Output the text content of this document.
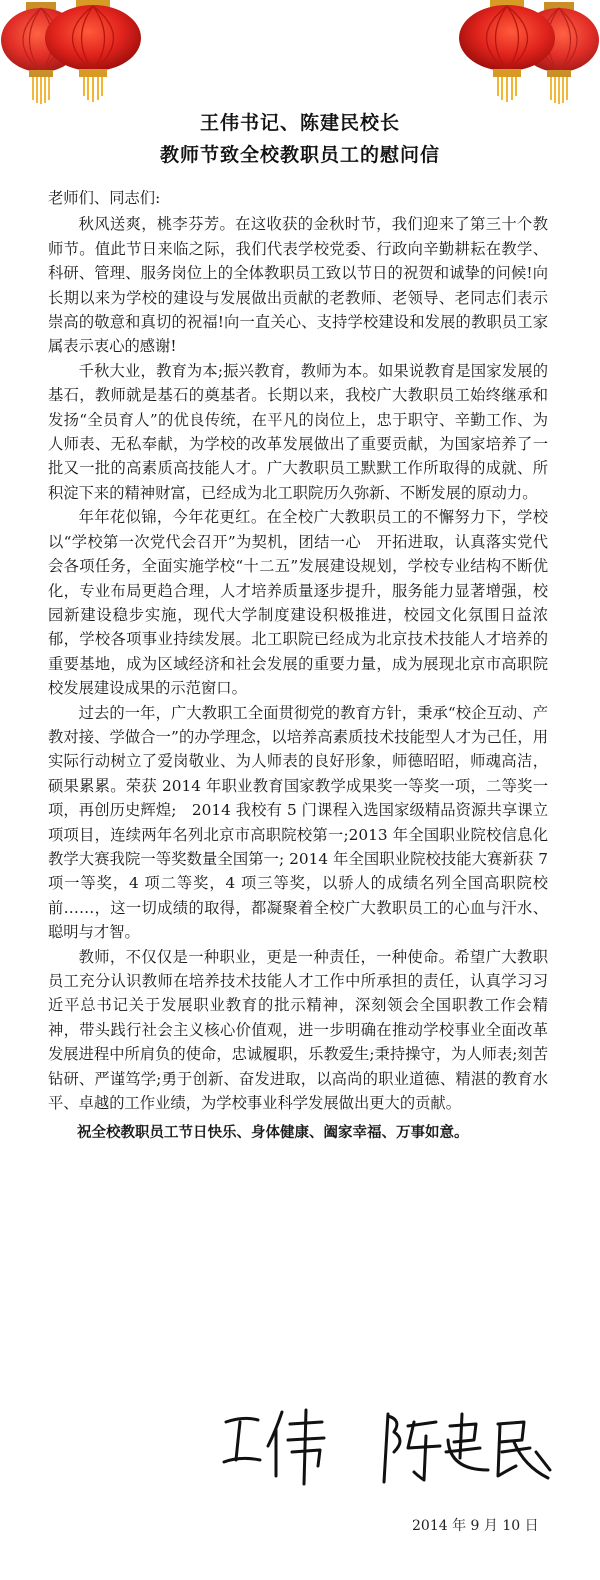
王伟书记、陈建民校长
教师节致全校教职员工的慰问信

老师们、同志们:

秋风送爽，桃李芬芳。在这收获的金秋时节，我们迎来了第三十个教师节。值此节日来临之际，我们代表学校党委、行政向辛勤耕耘在教学、科研、管理、服务岗位上的全体教职员工致以节日的祝贺和诚挚的问候!向长期以来为学校的建设与发展做出贡献的老教师、老领导、老同志们表示崇高的敬意和真切的祝福!向一直关心、支持学校建设和发展的教职员工家属表示衷心的感谢!

千秋大业，教育为本;振兴教育，教师为本。如果说教育是国家发展的基石，教师就是基石的奠基者。长期以来，我校广大教职员工始终继承和发扬“全员育人”的优良传统，在平凡的岗位上，忠于职守、辛勤工作、为人师表、无私奉献，为学校的改革发展做出了重要贡献，为国家培养了一批又一批的高素质高技能人才。广大教职员工默默工作所取得的成就、所积淀下来的精神财富，已经成为北工职院历久弥新、不断发展的原动力。

年年花似锦，今年花更红。在全校广大教职员工的不懈努力下，学校以“学校第一次党代会召开”为契机，团结一心　开拓进取，认真落实党代会各项任务，全面实施学校“十二五”发展建设规划，学校专业结构不断优化，专业布局更趋合理，人才培养质量逐步提升，服务能力显著增强，校园新建设稳步实施，现代大学制度建设积极推进，校园文化氛围日益浓郁，学校各项事业持续发展。北工职院已经成为北京技术技能人才培养的重要基地，成为区域经济和社会发展的重要力量，成为展现北京市高职院校发展建设成果的示范窗口。

过去的一年，广大教职工全面贯彻党的教育方针，秉承“校企互动、产教对接、学做合一”的办学理念，以培养高素质技术技能型人才为己任，用实际行动树立了爱岗敬业、为人师表的良好形象，师德昭昭，师魂高洁，硕果累累。荣获 2014 年职业教育国家教学成果奖一等奖一项，二等奖一项，再创历史辉煌;　2014 我校有 5 门课程入选国家级精品资源共享课立项项目，连续两年名列北京市高职院校第一;2013 年全国职业院校信息化教学大赛我院一等奖数量全国第一; 2014 年全国职业院校技能大赛新获 7 项一等奖，4 项二等奖，4 项三等奖，以骄人的成绩名列全国高职院校前……，这一切成绩的取得，都凝聚着全校广大教职员工的心血与汗水、聪明与才智。

教师，不仅仅是一种职业，更是一种责任，一种使命。希望广大教职员工充分认识教师在培养技术技能人才工作中所承担的责任，认真学习习近平总书记关于发展职业教育的批示精神，深刻领会全国职教工作会精神，带头践行社会主义核心价值观，进一步明确在推动学校事业全面改革发展进程中所肩负的使命，忠诚履职，乐教爱生;秉持操守，为人师表;刻苦钻研、严谨笃学;勇于创新、奋发进取，以高尚的职业道德、精湛的教育水平、卓越的工作业绩，为学校事业科学发展做出更大的贡献。

祝全校教职员工节日快乐、身体健康、阖家幸福、万事如意。

2014 年 9 月 10 日
